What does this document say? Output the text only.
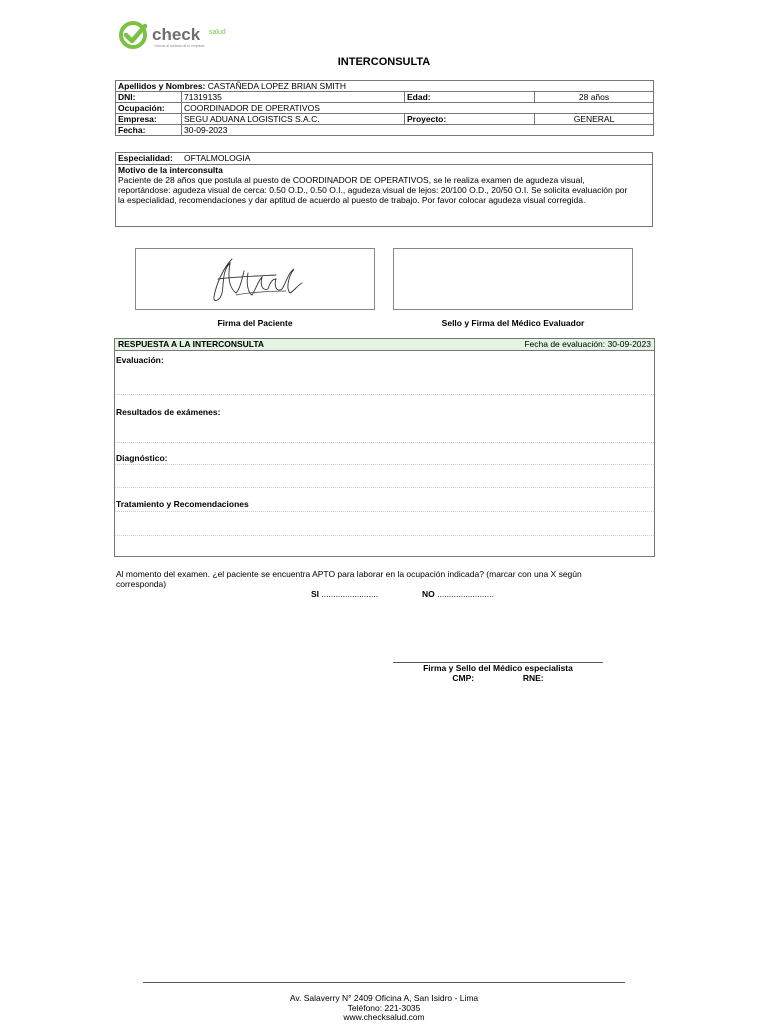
check salud
Ciencia al cuidado de tu empresa
INTERCONSULTA
Apellidos y Nombres: CASTAÑEDA LOPEZ BRIAN SMITH			
DNI:	71319135	Edad:	28 años
Ocupación:	COORDINADOR DE OPERATIVOS		
Empresa:	SEGU ADUANA LOGISTICS S.A.C.	Proyecto:	GENERAL
Fecha:	30-09-2023		
Especialidad: OFTALMOLOGIA
Motivo de la interconsulta
Paciente de 28 años que postula al puesto de COORDINADOR DE OPERATIVOS, se le realiza examen de agudeza visual,
reportándose: agudeza visual de cerca: 0.50 O.D., 0.50 O.I., agudeza visual de lejos: 20/100 O.D., 20/50 O.I. Se solicita evaluación por
la especialidad, recomendaciones y dar aptitud de acuerdo al puesto de trabajo. Por favor colocar agudeza visual corregida.
Firma del Paciente	Sello y Firma del Médico Evaluador
RESPUESTA A LA INTERCONSULTA	Fecha de evaluación: 30-09-2023
Evaluación:
Resultados de exámenes:
Diagnóstico:
Tratamiento y Recomendaciones
Al momento del examen. ¿el paciente se encuentra APTO para laborar en la ocupación indicada? (marcar con una X según
corresponda)
SI ........................	NO ........................
Firma y Sello del Médico especialista
CMP:	RNE:
Av. Salaverry N° 2409 Oficina A, San Isidro - Lima
Teléfono: 221-3035
www.checksalud.com
